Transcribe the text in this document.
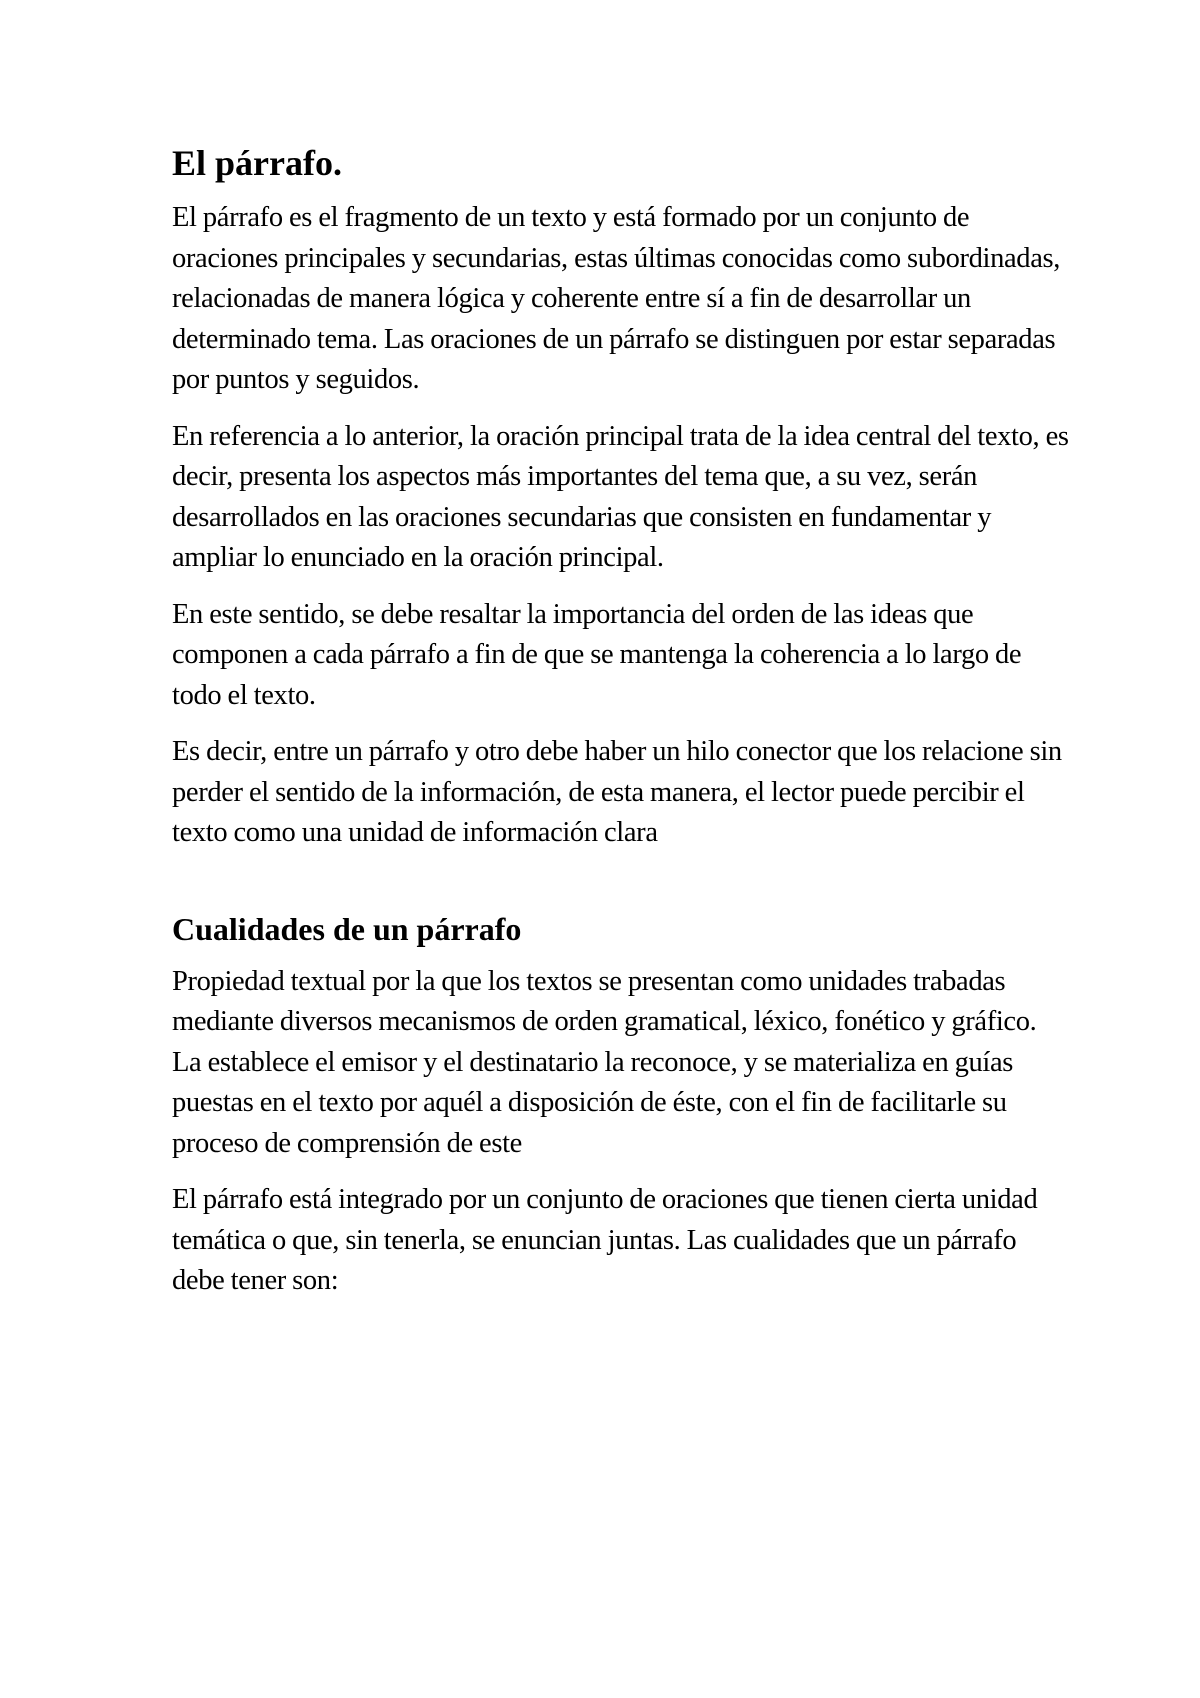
El párrafo.

El párrafo es el fragmento de un texto y está formado por un conjunto de oraciones principales y secundarias, estas últimas conocidas como subordinadas, relacionadas de manera lógica y coherente entre sí a fin de desarrollar un determinado tema. Las oraciones de un párrafo se distinguen por estar separadas por puntos y seguidos.

En referencia a lo anterior, la oración principal trata de la idea central del texto, es decir, presenta los aspectos más importantes del tema que, a su vez, serán desarrollados en las oraciones secundarias que consisten en fundamentar y ampliar lo enunciado en la oración principal.

En este sentido, se debe resaltar la importancia del orden de las ideas que componen a cada párrafo a fin de que se mantenga la coherencia a lo largo de todo el texto.

Es decir, entre un párrafo y otro debe haber un hilo conector que los relacione sin perder el sentido de la información, de esta manera, el lector puede percibir el texto como una unidad de información clara

Cualidades de un párrafo

Propiedad textual por la que los textos se presentan como unidades trabadas mediante diversos mecanismos de orden gramatical, léxico, fonético y gráfico. La establece el emisor y el destinatario la reconoce, y se materializa en guías puestas en el texto por aquél a disposición de éste, con el fin de facilitarle su proceso de comprensión de este

El párrafo está integrado por un conjunto de oraciones que tienen cierta unidad temática o que, sin tenerla, se enuncian juntas. Las cualidades que un párrafo debe tener son:
